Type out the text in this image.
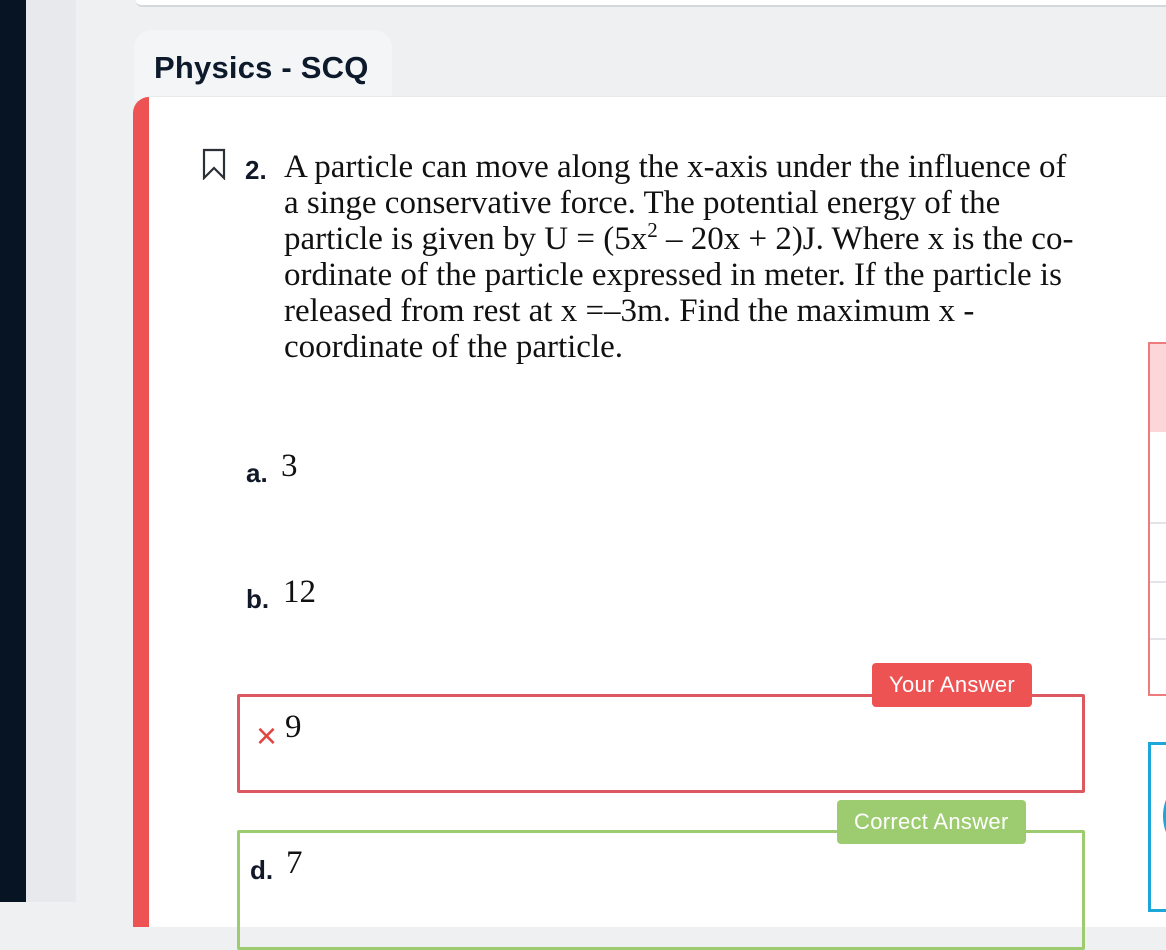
Physics - SCQ
2. A particle can move along the x-axis under the influence of a singe conservative force. The potential energy of the particle is given by $U = (5x^2 - 20x + 2)J$. Where x is the co-ordinate of the particle expressed in meter. If the particle is released from rest at x =–3m. Find the maximum x -coordinate of the particle.
a. 3
b. 12
× 9
Your Answer
d. 7
Correct Answer
